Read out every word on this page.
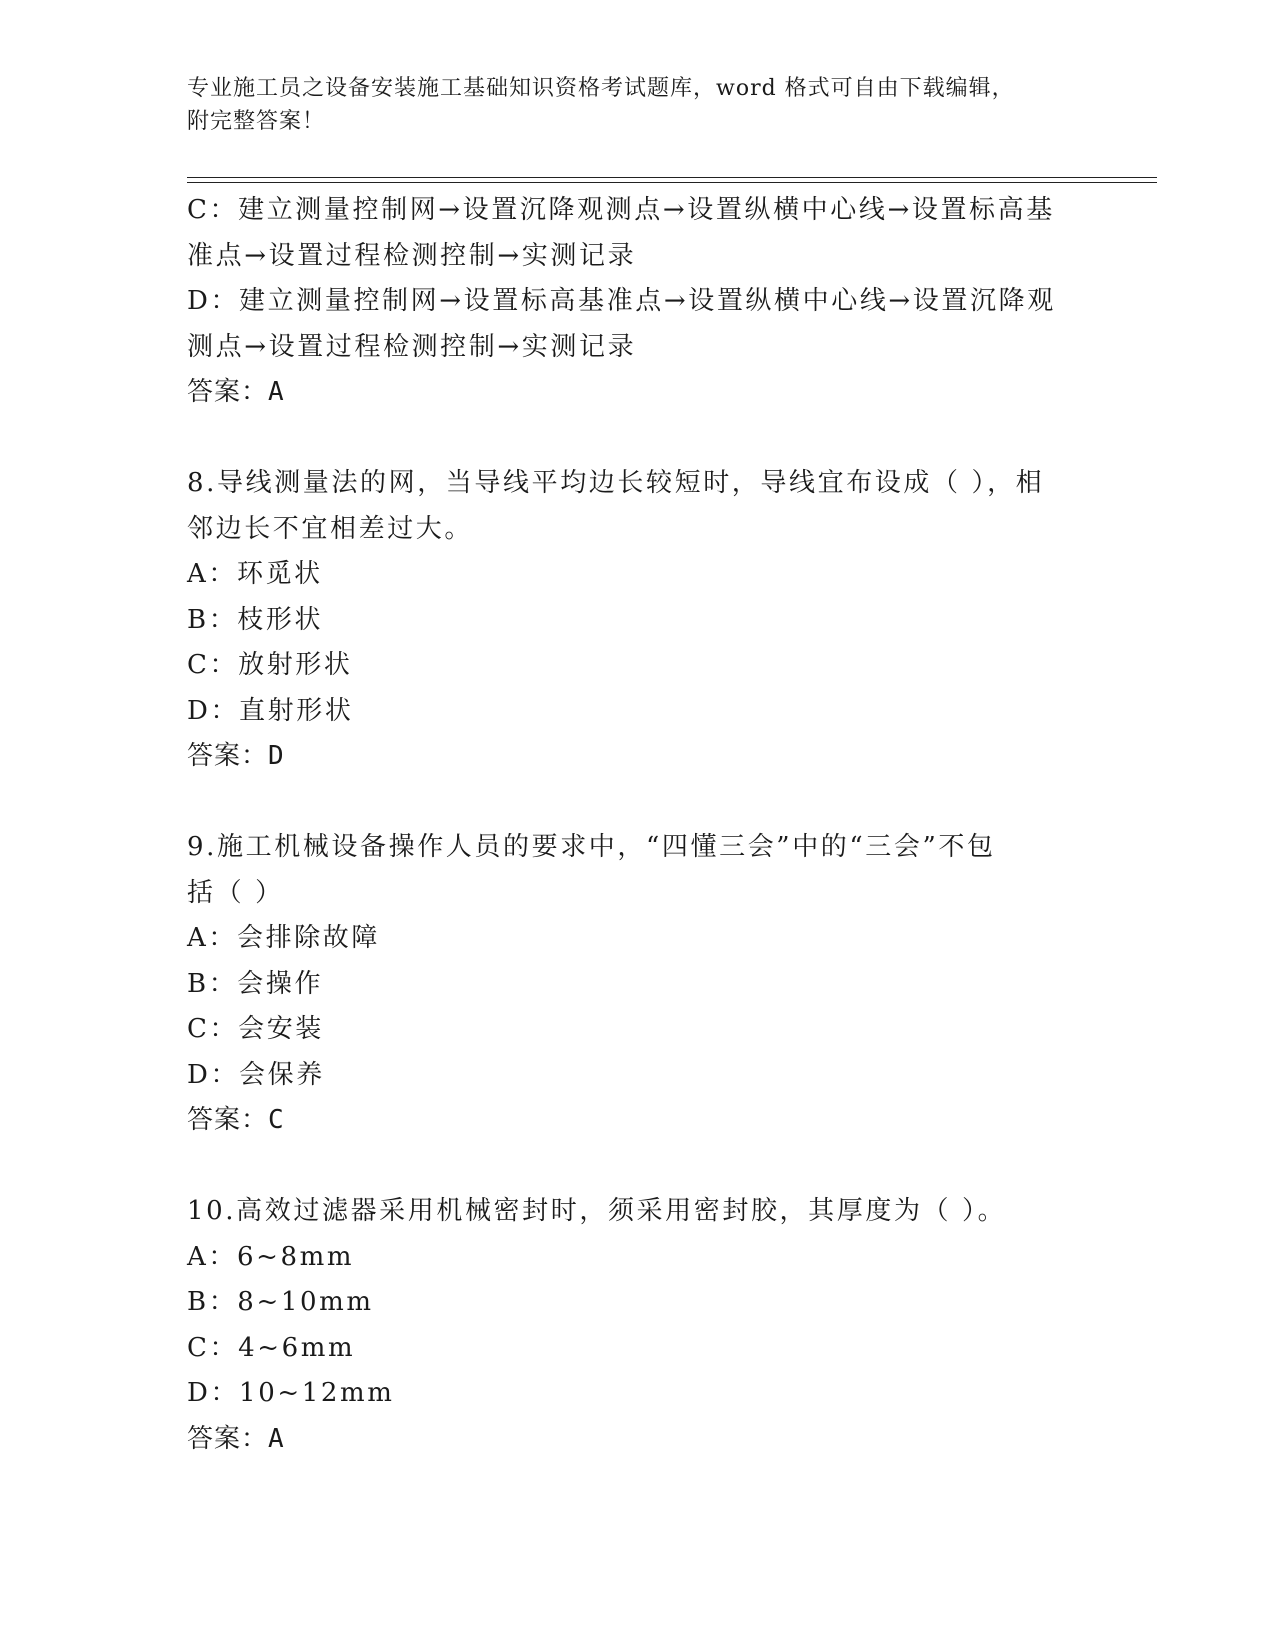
专业施工员之设备安装施工基础知识资格考试题库，word 格式可自由下载编辑，
附完整答案！
C：建立测量控制网→设置沉降观测点→设置纵横中心线→设置标高基
准点→设置过程检测控制→实测记录
D：建立测量控制网→设置标高基准点→设置纵横中心线→设置沉降观
测点→设置过程检测控制→实测记录
答案：A
8.导线测量法的网，当导线平均边长较短时，导线宜布设成（ ），相
邻边长不宜相差过大。
A：环觅状
B：枝形状
C：放射形状
D：直射形状
答案：D
9.施工机械设备操作人员的要求中，“四懂三会”中的“三会”不包
括（ ）
A：会排除故障
B：会操作
C：会安装
D：会保养
答案：C
10.高效过滤器采用机械密封时，须采用密封胶，其厚度为（ ）。
A：6~8mm
B：8~10mm
C：4~6mm
D：10~12mm
答案：A
